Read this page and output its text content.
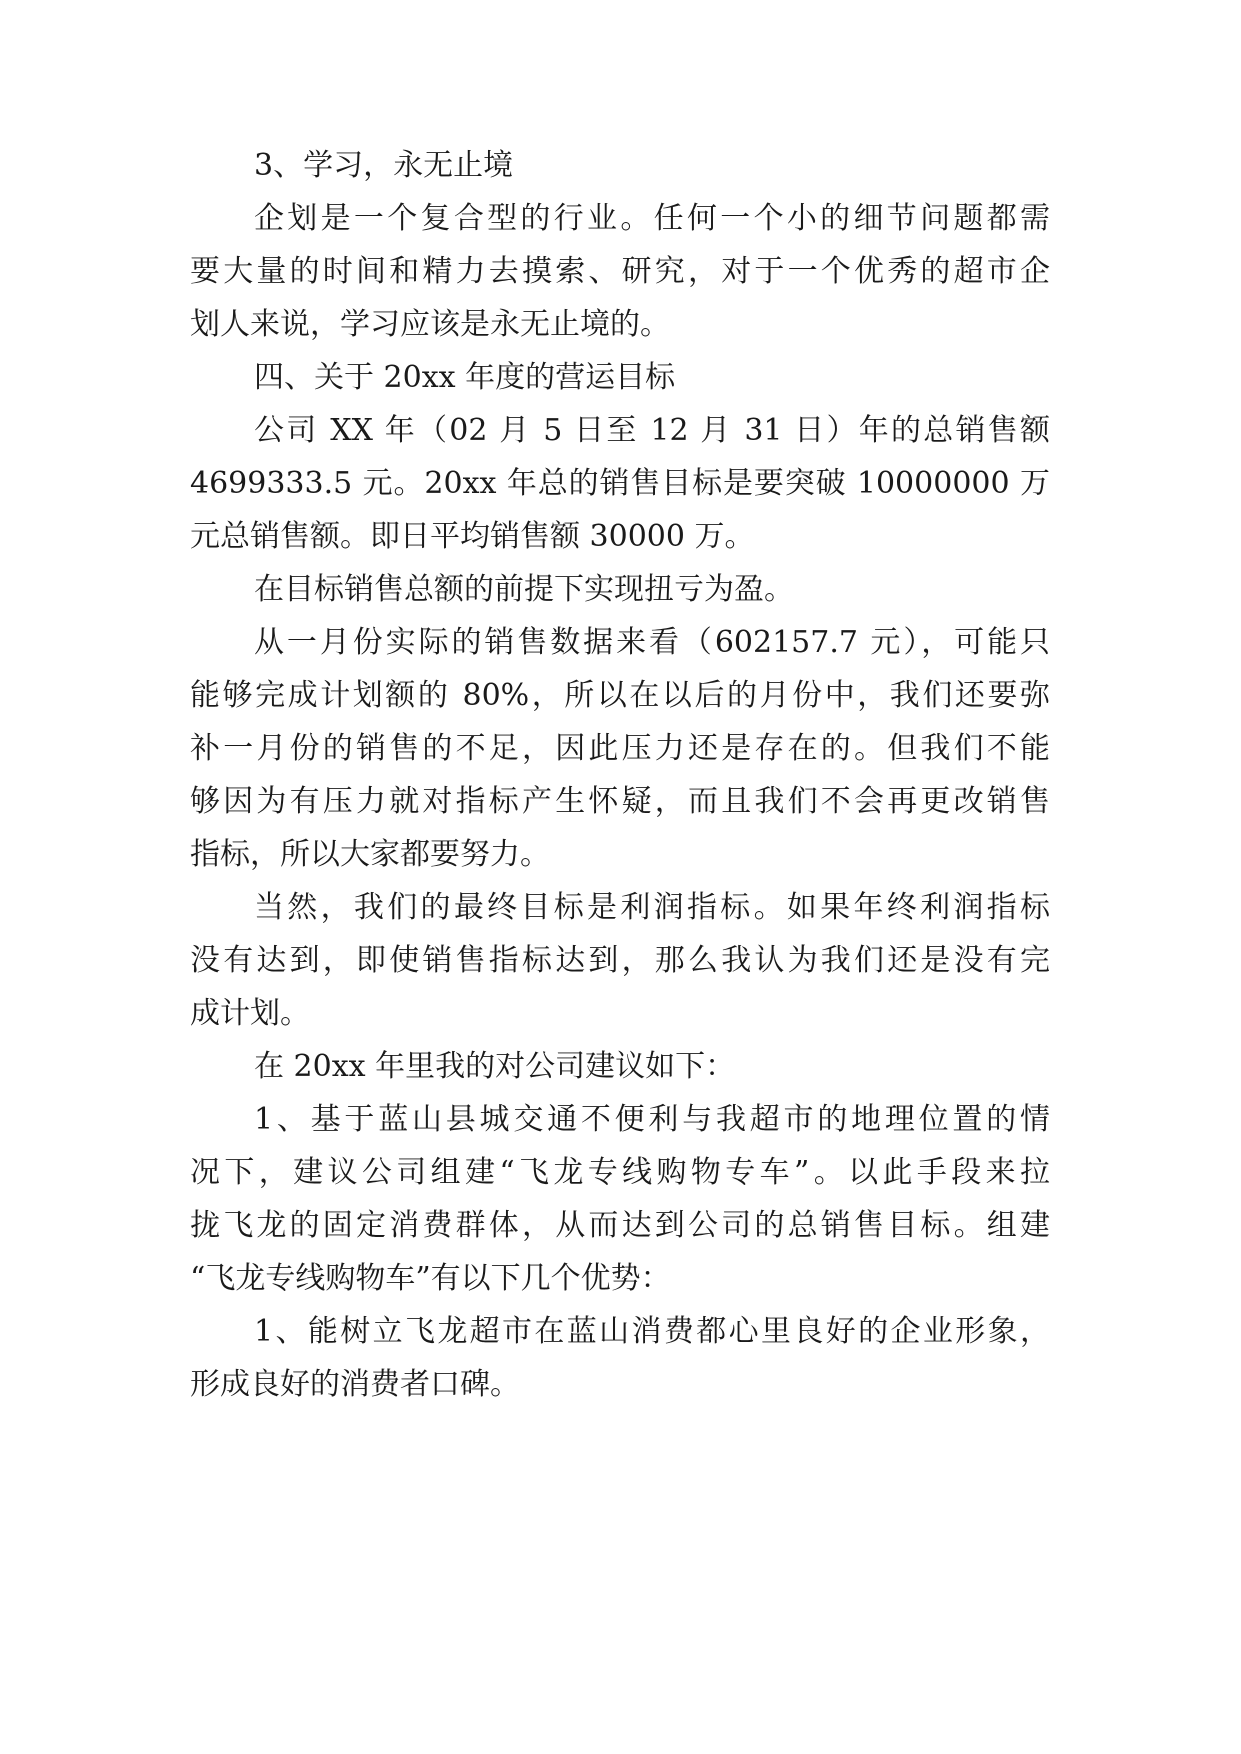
3、学习，永无止境
企划是一个复合型的行业。任何一个小的细节问题都需
要大量的时间和精力去摸索、研究，对于一个优秀的超市企
划人来说，学习应该是永无止境的。
四、关于 20xx 年度的营运目标
公司 XX 年（02 月 5 日至 12 月 31 日）年的总销售额
4699333.5 元。20xx 年总的销售目标是要突破 10000000 万
元总销售额。即日平均销售额 30000 万。
在目标销售总额的前提下实现扭亏为盈。
从一月份实际的销售数据来看（602157.7 元），可能只
能够完成计划额的 80%，所以在以后的月份中，我们还要弥
补一月份的销售的不足，因此压力还是存在的。但我们不能
够因为有压力就对指标产生怀疑，而且我们不会再更改销售
指标，所以大家都要努力。
当然，我们的最终目标是利润指标。如果年终利润指标
没有达到，即使销售指标达到，那么我认为我们还是没有完
成计划。
在 20xx 年里我的对公司建议如下：
1、基于蓝山县城交通不便利与我超市的地理位置的情
况下，建议公司组建“飞龙专线购物专车”。以此手段来拉
拢飞龙的固定消费群体，从而达到公司的总销售目标。组建
“飞龙专线购物车”有以下几个优势：
1、能树立飞龙超市在蓝山消费都心里良好的企业形象，
形成良好的消费者口碑。
